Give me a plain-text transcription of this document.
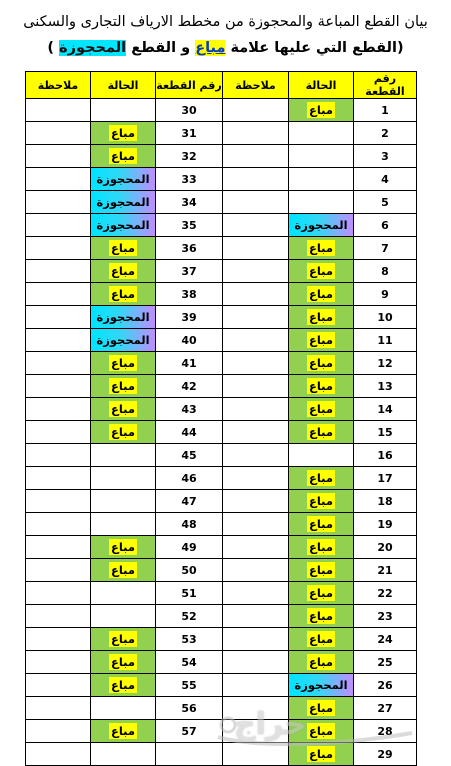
بيان القطع المباعة والمحجوزة من مخطط الارياف التجارى والسكنى
(القطع التي عليها علامة مباع و القطع المحجوزة )
ملاحظة	الحالة	رقم القطعة	ملاحظة	الحالة	رقم القطعة
		30		مباع	1
	مباع	31			2
	مباع	32			3
	المحجوزة	33			4
	المحجوزة	34			5
	المحجوزة	35		المحجوزة	6
	مباع	36		مباع	7
	مباع	37		مباع	8
	مباع	38		مباع	9
	المحجوزة	39		مباع	10
	المحجوزة	40		مباع	11
	مباع	41		مباع	12
	مباع	42		مباع	13
	مباع	43		مباع	14
	مباع	44		مباع	15
		45			16
		46		مباع	17
		47		مباع	18
		48		مباع	19
	مباع	49		مباع	20
	مباع	50		مباع	21
		51		مباع	22
		52		مباع	23
	مباع	53		مباع	24
	مباع	54		مباع	25
	مباع	55		المحجوزة	26
		56		مباع	27
	مباع	57		مباع	28
				مباع	29
حراج
